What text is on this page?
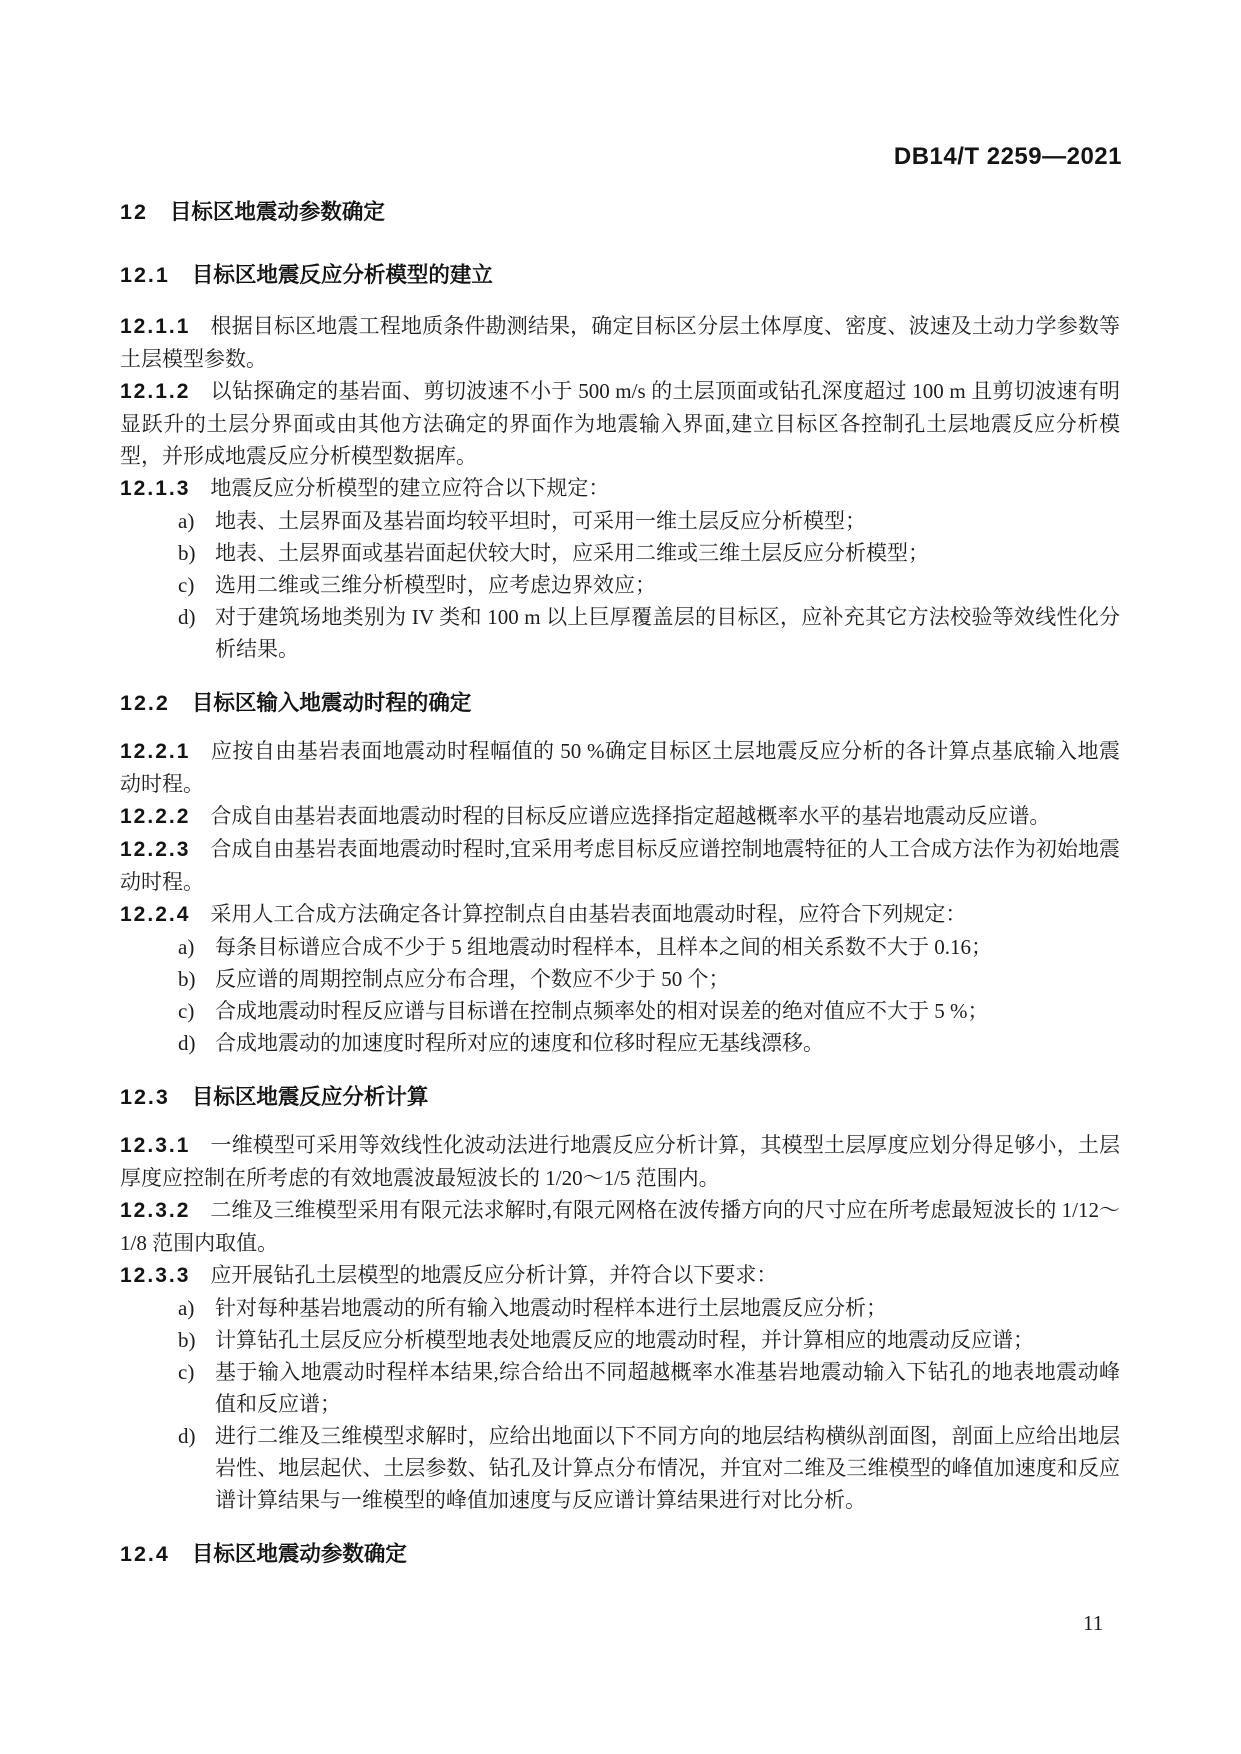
DB14/T 2259—2021
12 目标区地震动参数确定
12.1 目标区地震反应分析模型的建立

12.1.1 根据目标区地震工程地质条件勘测结果，确定目标区分层土体厚度、密度、波速及土动力学参数等土层模型参数。

12.1.2 以钻探确定的基岩面、剪切波速不小于 500 m/s 的土层顶面或钻孔深度超过 100 m 且剪切波速有明显跃升的土层分界面或由其他方法确定的界面作为地震输入界面,建立目标区各控制孔土层地震反应分析模型，并形成地震反应分析模型数据库。

12.1.3 地震反应分析模型的建立应符合以下规定：

a) 地表、土层界面及基岩面均较平坦时，可采用一维土层反应分析模型；
b) 地表、土层界面或基岩面起伏较大时，应采用二维或三维土层反应分析模型；
c) 选用二维或三维分析模型时，应考虑边界效应；
d) 对于建筑场地类别为 IV 类和 100 m 以上巨厚覆盖层的目标区，应补充其它方法校验等效线性化分析结果。
12.2 目标区输入地震动时程的确定

12.2.1 应按自由基岩表面地震动时程幅值的 50 %确定目标区土层地震反应分析的各计算点基底输入地震动时程。

12.2.2 合成自由基岩表面地震动时程的目标反应谱应选择指定超越概率水平的基岩地震动反应谱。

12.2.3 合成自由基岩表面地震动时程时,宜采用考虑目标反应谱控制地震特征的人工合成方法作为初始地震动时程。

12.2.4 采用人工合成方法确定各计算控制点自由基岩表面地震动时程，应符合下列规定：

a) 每条目标谱应合成不少于 5 组地震动时程样本，且样本之间的相关系数不大于 0.16；
b) 反应谱的周期控制点应分布合理，个数应不少于 50 个；
c) 合成地震动时程反应谱与目标谱在控制点频率处的相对误差的绝对值应不大于 5 %；
d) 合成地震动的加速度时程所对应的速度和位移时程应无基线漂移。
12.3 目标区地震反应分析计算

12.3.1 一维模型可采用等效线性化波动法进行地震反应分析计算，其模型土层厚度应划分得足够小，土层厚度应控制在所考虑的有效地震波最短波长的 1/20～1/5 范围内。

12.3.2 二维及三维模型采用有限元法求解时,有限元网格在波传播方向的尺寸应在所考虑最短波长的 1/12～1/8 范围内取值。

12.3.3 应开展钻孔土层模型的地震反应分析计算，并符合以下要求：

a) 针对每种基岩地震动的所有输入地震动时程样本进行土层地震反应分析；
b) 计算钻孔土层反应分析模型地表处地震反应的地震动时程，并计算相应的地震动反应谱；
c) 基于输入地震动时程样本结果,综合给出不同超越概率水准基岩地震动输入下钻孔的地表地震动峰值和反应谱；
d) 进行二维及三维模型求解时，应给出地面以下不同方向的地层结构横纵剖面图，剖面上应给出地层岩性、地层起伏、土层参数、钻孔及计算点分布情况，并宜对二维及三维模型的峰值加速度和反应谱计算结果与一维模型的峰值加速度与反应谱计算结果进行对比分析。
12.4 目标区地震动参数确定
11
